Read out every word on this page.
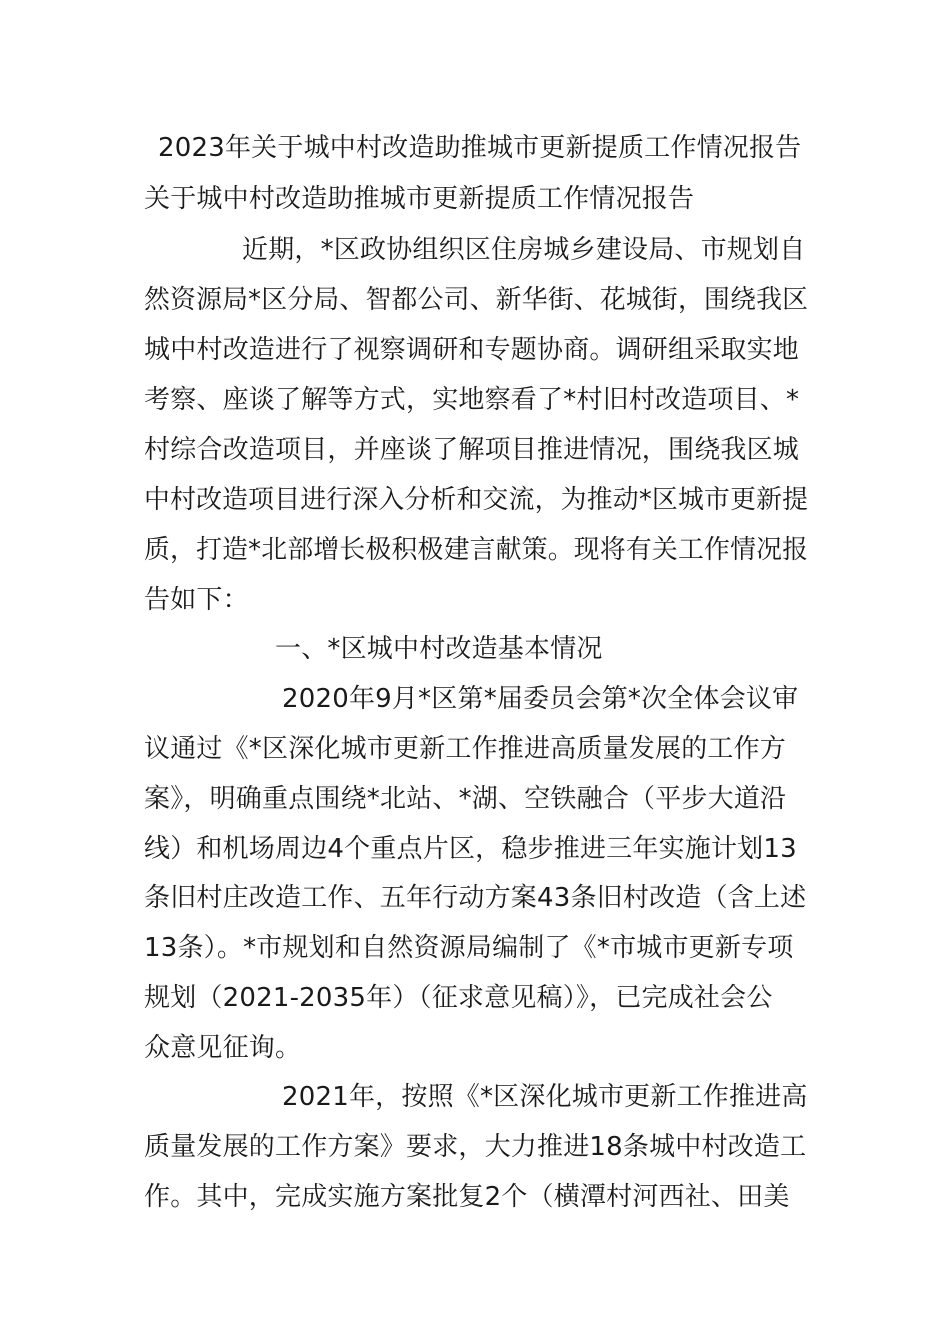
2023年关于城中村改造助推城市更新提质工作情况报告
关于城中村改造助推城市更新提质工作情况报告
近期，*区政协组织区住房城乡建设局、市规划自
然资源局*区分局、智都公司、新华街、花城街，围绕我区
城中村改造进行了视察调研和专题协商。调研组采取实地
考察、座谈了解等方式，实地察看了*村旧村改造项目、*
村综合改造项目，并座谈了解项目推进情况，围绕我区城
中村改造项目进行深入分析和交流，为推动*区城市更新提
质，打造*北部增长极积极建言献策。现将有关工作情况报
告如下：
一、*区城中村改造基本情况
2020年9月*区第*届委员会第*次全体会议审
议通过《*区深化城市更新工作推进高质量发展的工作方
案》，明确重点围绕*北站、*湖、空铁融合（平步大道沿
线）和机场周边4个重点片区，稳步推进三年实施计划13
条旧村庄改造工作、五年行动方案43条旧村改造（含上述
13条）。*市规划和自然资源局编制了《*市城市更新专项
规划（2021-2035年）（征求意见稿）》，已完成社会公
众意见征询。
2021年，按照《*区深化城市更新工作推进高
质量发展的工作方案》要求，大力推进18条城中村改造工
作。其中，完成实施方案批复2个（横潭村河西社、田美
